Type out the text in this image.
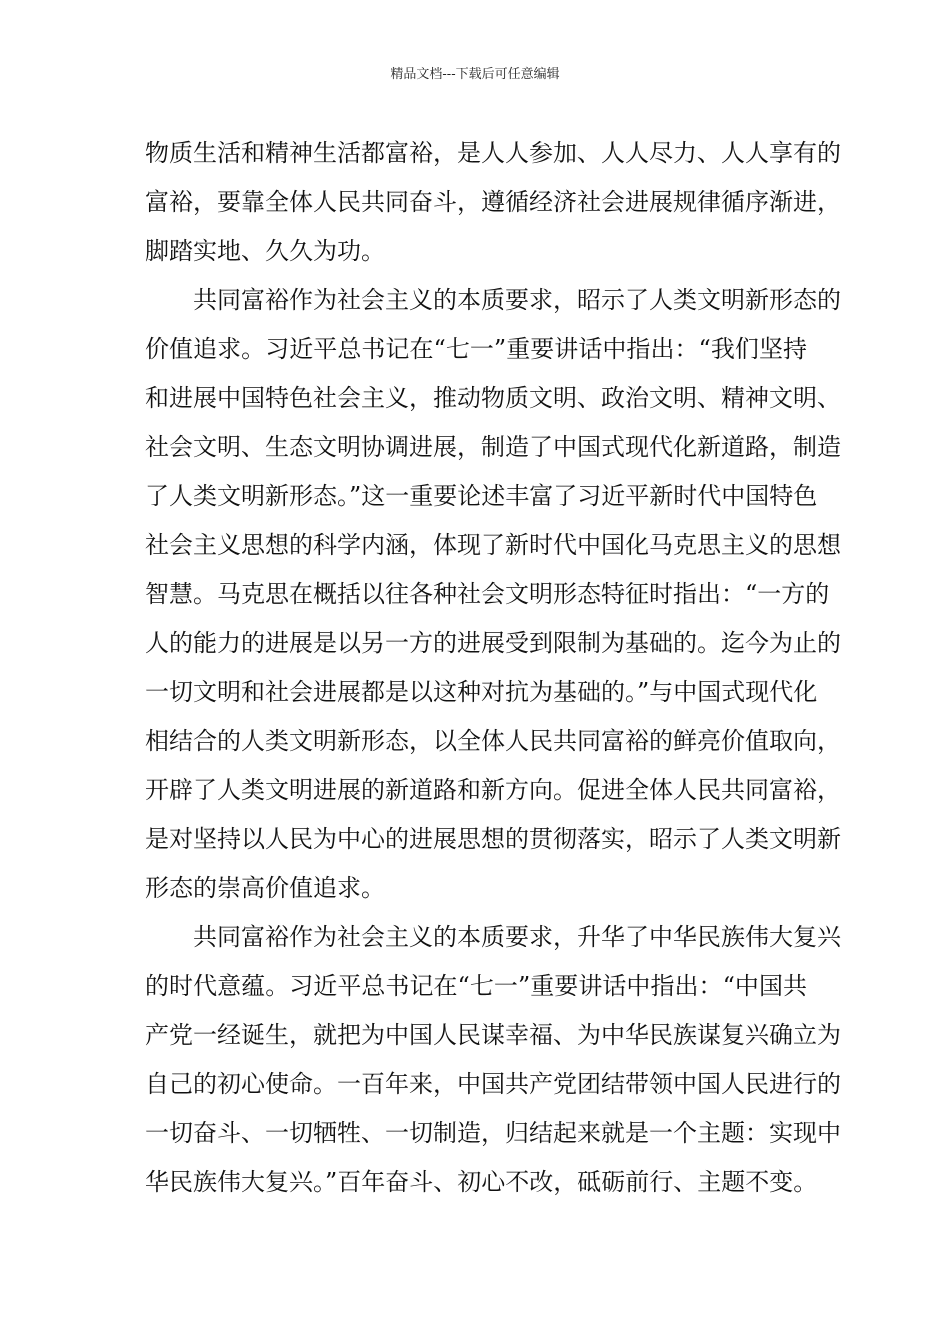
精品文档---下载后可任意编辑
物质生活和精神生活都富裕，是人人参加、人人尽力、人人享有的
富裕，要靠全体人民共同奋斗，遵循经济社会进展规律循序渐进，
脚踏实地、久久为功。
　　共同富裕作为社会主义的本质要求，昭示了人类文明新形态的
价值追求。习近平总书记在“七一”重要讲话中指出：“我们坚持
和进展中国特色社会主义，推动物质文明、政治文明、精神文明、
社会文明、生态文明协调进展，制造了中国式现代化新道路，制造
了人类文明新形态。”这一重要论述丰富了习近平新时代中国特色
社会主义思想的科学内涵，体现了新时代中国化马克思主义的思想
智慧。马克思在概括以往各种社会文明形态特征时指出：“一方的
人的能力的进展是以另一方的进展受到限制为基础的。迄今为止的
一切文明和社会进展都是以这种对抗为基础的。”与中国式现代化
相结合的人类文明新形态，以全体人民共同富裕的鲜亮价值取向，
开辟了人类文明进展的新道路和新方向。促进全体人民共同富裕，
是对坚持以人民为中心的进展思想的贯彻落实，昭示了人类文明新
形态的崇高价值追求。
　　共同富裕作为社会主义的本质要求，升华了中华民族伟大复兴
的时代意蕴。习近平总书记在“七一”重要讲话中指出：“中国共
产党一经诞生，就把为中国人民谋幸福、为中华民族谋复兴确立为
自己的初心使命。一百年来，中国共产党团结带领中国人民进行的
一切奋斗、一切牺牲、一切制造，归结起来就是一个主题：实现中
华民族伟大复兴。”百年奋斗、初心不改，砥砺前行、主题不变。
